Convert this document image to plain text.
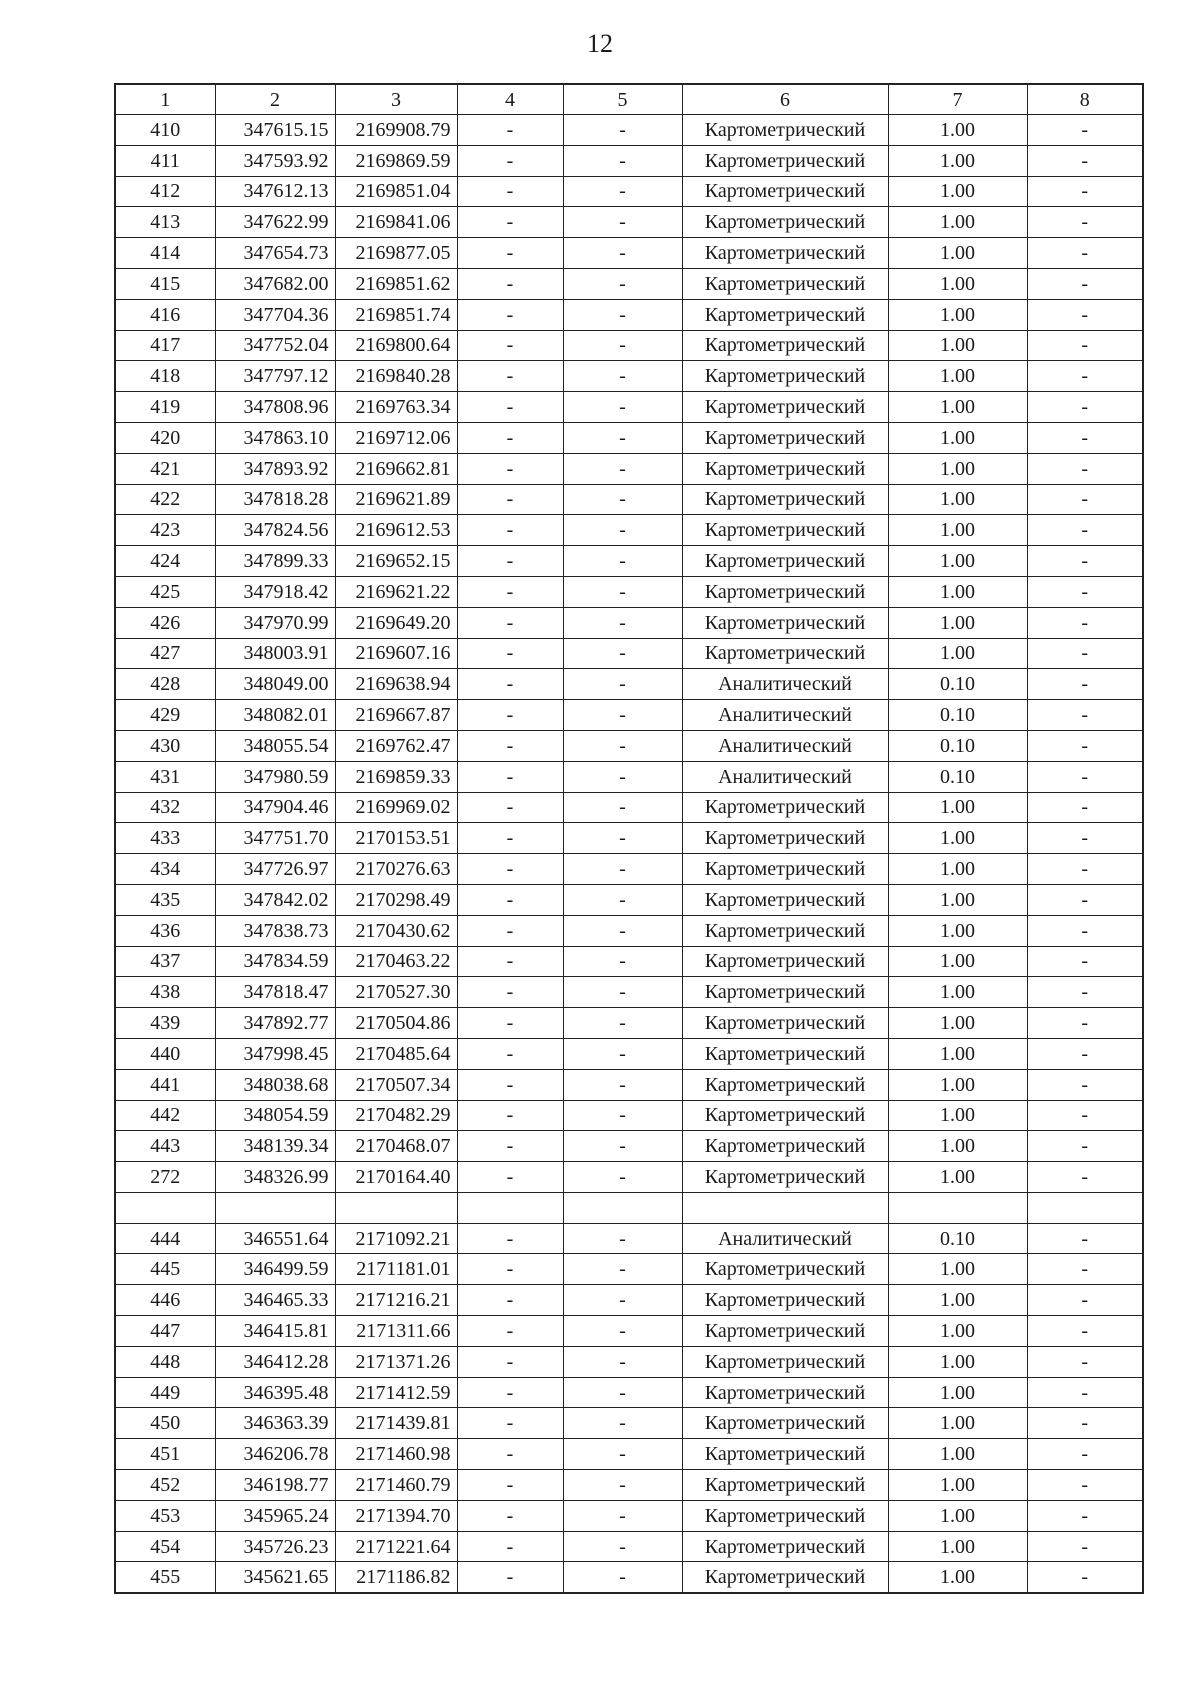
12
1	2	3	4	5	6	7	8
410	347615.15	2169908.79	-	-	Картометрический	1.00	-
411	347593.92	2169869.59	-	-	Картометрический	1.00	-
412	347612.13	2169851.04	-	-	Картометрический	1.00	-
413	347622.99	2169841.06	-	-	Картометрический	1.00	-
414	347654.73	2169877.05	-	-	Картометрический	1.00	-
415	347682.00	2169851.62	-	-	Картометрический	1.00	-
416	347704.36	2169851.74	-	-	Картометрический	1.00	-
417	347752.04	2169800.64	-	-	Картометрический	1.00	-
418	347797.12	2169840.28	-	-	Картометрический	1.00	-
419	347808.96	2169763.34	-	-	Картометрический	1.00	-
420	347863.10	2169712.06	-	-	Картометрический	1.00	-
421	347893.92	2169662.81	-	-	Картометрический	1.00	-
422	347818.28	2169621.89	-	-	Картометрический	1.00	-
423	347824.56	2169612.53	-	-	Картометрический	1.00	-
424	347899.33	2169652.15	-	-	Картометрический	1.00	-
425	347918.42	2169621.22	-	-	Картометрический	1.00	-
426	347970.99	2169649.20	-	-	Картометрический	1.00	-
427	348003.91	2169607.16	-	-	Картометрический	1.00	-
428	348049.00	2169638.94	-	-	Аналитический	0.10	-
429	348082.01	2169667.87	-	-	Аналитический	0.10	-
430	348055.54	2169762.47	-	-	Аналитический	0.10	-
431	347980.59	2169859.33	-	-	Аналитический	0.10	-
432	347904.46	2169969.02	-	-	Картометрический	1.00	-
433	347751.70	2170153.51	-	-	Картометрический	1.00	-
434	347726.97	2170276.63	-	-	Картометрический	1.00	-
435	347842.02	2170298.49	-	-	Картометрический	1.00	-
436	347838.73	2170430.62	-	-	Картометрический	1.00	-
437	347834.59	2170463.22	-	-	Картометрический	1.00	-
438	347818.47	2170527.30	-	-	Картометрический	1.00	-
439	347892.77	2170504.86	-	-	Картометрический	1.00	-
440	347998.45	2170485.64	-	-	Картометрический	1.00	-
441	348038.68	2170507.34	-	-	Картометрический	1.00	-
442	348054.59	2170482.29	-	-	Картометрический	1.00	-
443	348139.34	2170468.07	-	-	Картометрический	1.00	-
272	348326.99	2170164.40	-	-	Картометрический	1.00	-

444	346551.64	2171092.21	-	-	Аналитический	0.10	-
445	346499.59	2171181.01	-	-	Картометрический	1.00	-
446	346465.33	2171216.21	-	-	Картометрический	1.00	-
447	346415.81	2171311.66	-	-	Картометрический	1.00	-
448	346412.28	2171371.26	-	-	Картометрический	1.00	-
449	346395.48	2171412.59	-	-	Картометрический	1.00	-
450	346363.39	2171439.81	-	-	Картометрический	1.00	-
451	346206.78	2171460.98	-	-	Картометрический	1.00	-
452	346198.77	2171460.79	-	-	Картометрический	1.00	-
453	345965.24	2171394.70	-	-	Картометрический	1.00	-
454	345726.23	2171221.64	-	-	Картометрический	1.00	-
455	345621.65	2171186.82	-	-	Картометрический	1.00	-
